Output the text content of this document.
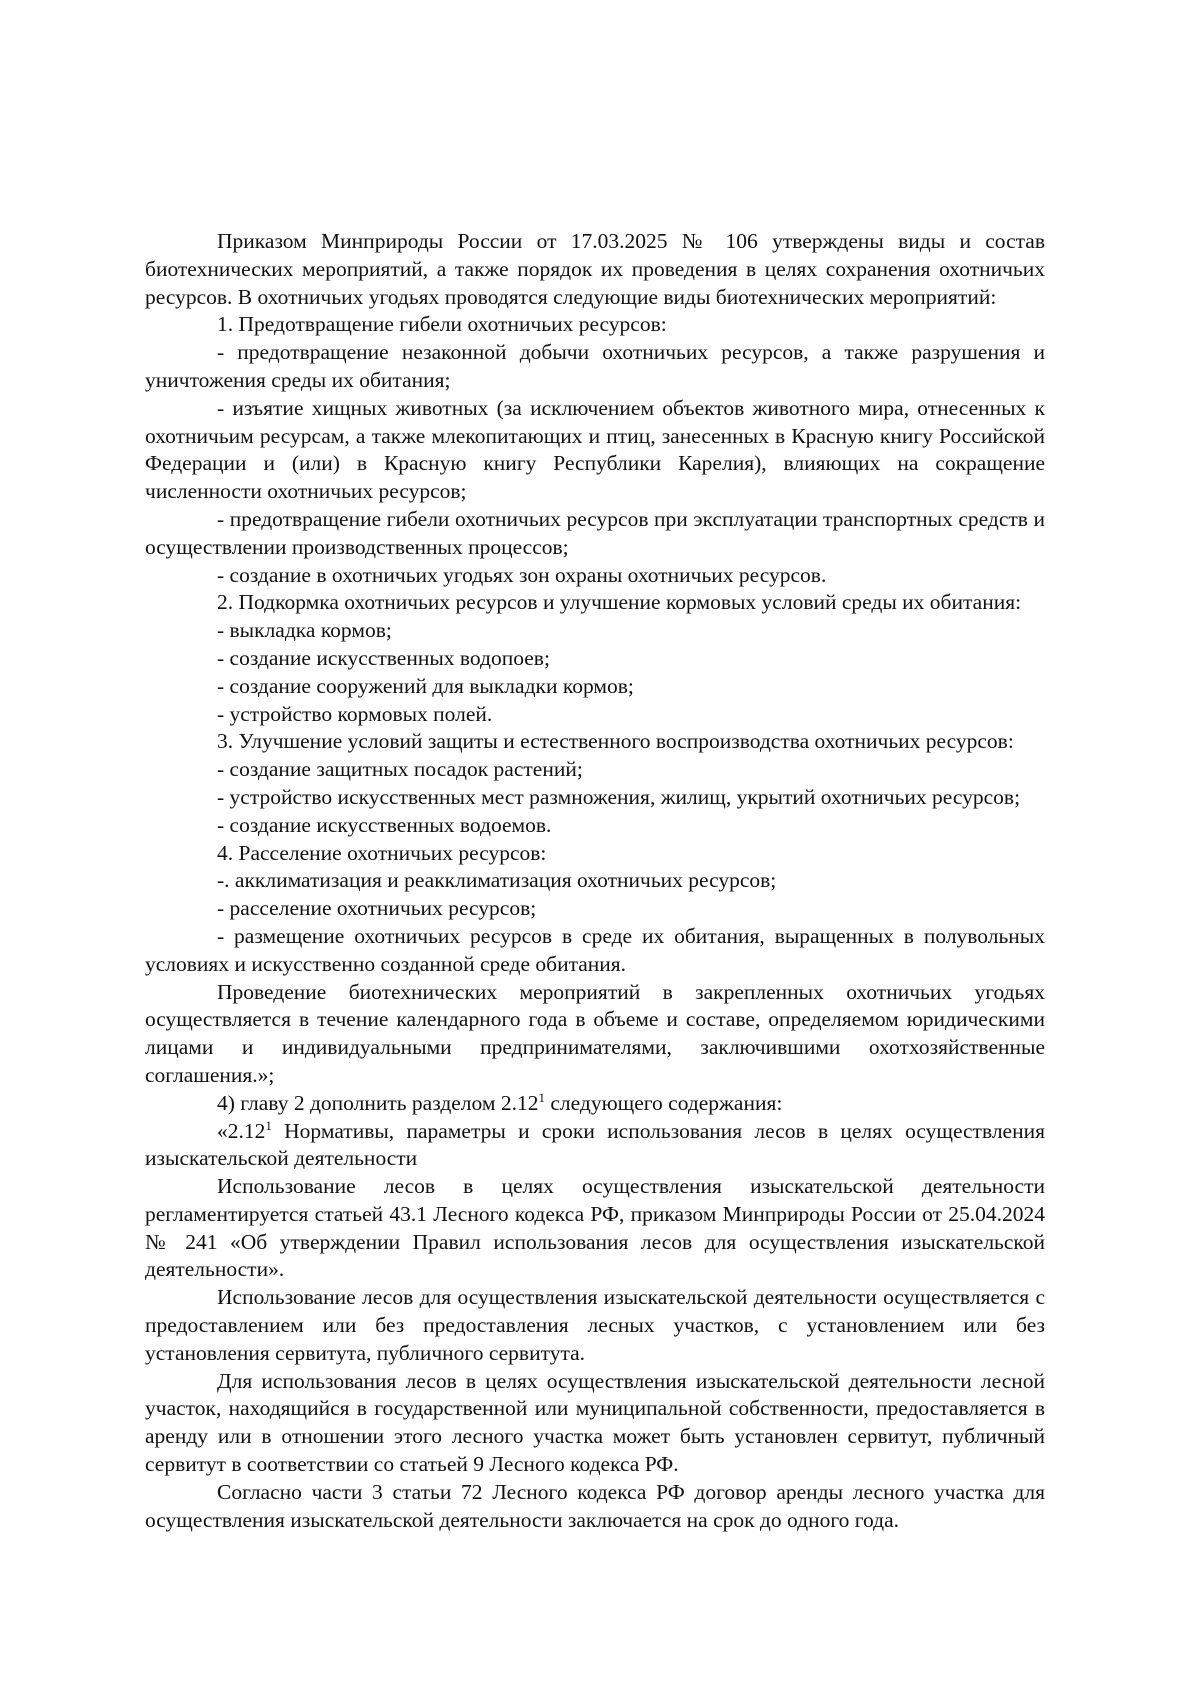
Приказом Минприроды России от 17.03.2025 № 106 утверждены виды и состав биотехнических мероприятий, а также порядок их проведения в целях сохранения охотничьих ресурсов. В охотничьих угодьях проводятся следующие виды биотехнических мероприятий:

1. Предотвращение гибели охотничьих ресурсов:

- предотвращение незаконной добычи охотничьих ресурсов, а также разрушения и уничтожения среды их обитания;

- изъятие хищных животных (за исключением объектов животного мира, отнесенных к охотничьим ресурсам, а также млекопитающих и птиц, занесенных в Красную книгу Российской Федерации и (или) в Красную книгу Республики Карелия), влияющих на сокращение численности охотничьих ресурсов;

- предотвращение гибели охотничьих ресурсов при эксплуатации транспортных средств и осуществлении производственных процессов;

- создание в охотничьих угодьях зон охраны охотничьих ресурсов.

2. Подкормка охотничьих ресурсов и улучшение кормовых условий среды их обитания:

- выкладка кормов;

- создание искусственных водопоев;

- создание сооружений для выкладки кормов;

- устройство кормовых полей.

3. Улучшение условий защиты и естественного воспроизводства охотничьих ресурсов:

- создание защитных посадок растений;

- устройство искусственных мест размножения, жилищ, укрытий охотничьих ресурсов;

- создание искусственных водоемов.

4. Расселение охотничьих ресурсов:

-. акклиматизация и реакклиматизация охотничьих ресурсов;

- расселение охотничьих ресурсов;

- размещение охотничьих ресурсов в среде их обитания, выращенных в полувольных условиях и искусственно созданной среде обитания.

Проведение биотехнических мероприятий в закрепленных охотничьих угодьях осуществляется в течение календарного года в объеме и составе, определяемом юридическими лицами и индивидуальными предпринимателями, заключившими охотхозяйственные соглашения.»;

4) главу 2 дополнить разделом 2.12$^1$ следующего содержания:

«2.12$^1$ Нормативы, параметры и сроки использования лесов в целях осуществления изыскательской деятельности

Использование лесов в целях осуществления изыскательской деятельности регламентируется статьей 43.1 Лесного кодекса РФ, приказом Минприроды России от 25.04.2024 № 241 «Об утверждении Правил использования лесов для осуществления изыскательской деятельности».

Использование лесов для осуществления изыскательской деятельности осуществляется с предоставлением или без предоставления лесных участков, с установлением или без установления сервитута, публичного сервитута.

Для использования лесов в целях осуществления изыскательской деятельности лесной участок, находящийся в государственной или муниципальной собственности, предоставляется в аренду или в отношении этого лесного участка может быть установлен сервитут, публичный сервитут в соответствии со статьей 9 Лесного кодекса РФ.

Согласно части 3 статьи 72 Лесного кодекса РФ договор аренды лесного участка для осуществления изыскательской деятельности заключается на срок до одного года.
